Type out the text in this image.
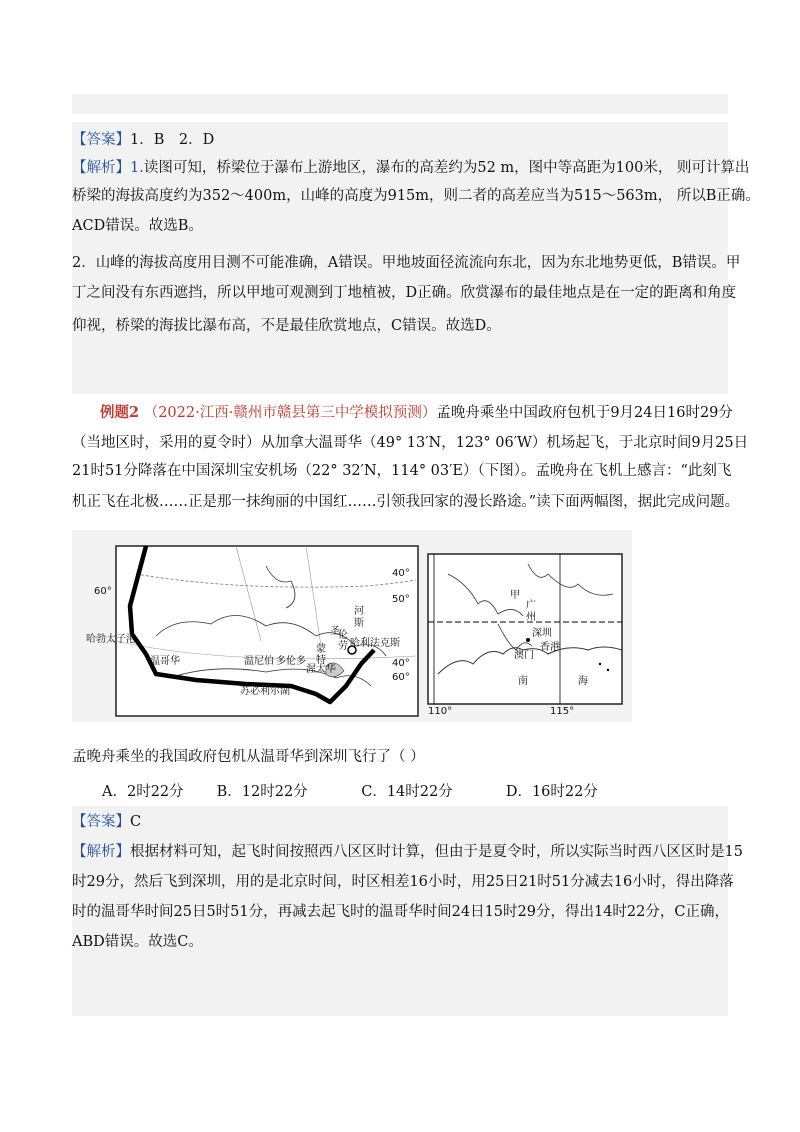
【答案】1．B　2．D
【解析】1.读图可知，桥梁位于瀑布上游地区，瀑布的高差约为52 m，图中等高距为100米， 则可计算出
桥梁的海拔高度约为352～400m，山峰的高度为915m，则二者的高差应当为515～563m， 所以B正确。
ACD错误。故选B。
2．山峰的海拔高度用目测不可能准确，A错误。甲地坡面径流流向东北，因为东北地势更低，B错误。甲
丁之间没有东西遮挡，所以甲地可观测到丁地植被，D正确。欣赏瀑布的最佳地点是在一定的距离和角度
仰视，桥梁的海拔比瀑布高，不是最佳欣赏地点，C错误。故选D。
例题2 （2022·江西·赣州市赣县第三中学模拟预测）孟晚舟乘坐中国政府包机于9月24日16时29分
（当地区时，采用的夏令时）从加拿大温哥华（49° 13′N，123° 06′W）机场起飞，于北京时间9月25日
21时51分降落在中国深圳宝安机场（22° 32′N，114° 03′E）（下图）。孟晚舟在飞机上感言：“此刻飞
机正飞在北极……正是那一抹绚丽的中国红……引领我回家的漫长路途。”读下面两幅图，据此完成问题。
孟晚舟乘坐的我国政府包机从温哥华到深圳飞行了（ ）
60°
40°
50°
40°
60°
哈勃太子港
温哥华	温尼伯 多伦多
蒙
特
渥太华
苏必利尔湖
哈利法克斯
河
斯
伦
劳
圣
甲
广
州
深圳
澳门
香港
南	海
110°	115°
A．2时22分 B．12时22分	C．14时22分	D．16时22分
【答案】C
【解析】根据材料可知，起飞时间按照西八区区时计算，但由于是夏令时，所以实际当时西八区区时是15
时29分，然后飞到深圳，用的是北京时间，时区相差16小时，用25日21时51分减去16小时，得出降落
时的温哥华时间25日5时51分，再减去起飞时的温哥华时间24日15时29分，得出14时22分，C正确，
ABD错误。故选C。
